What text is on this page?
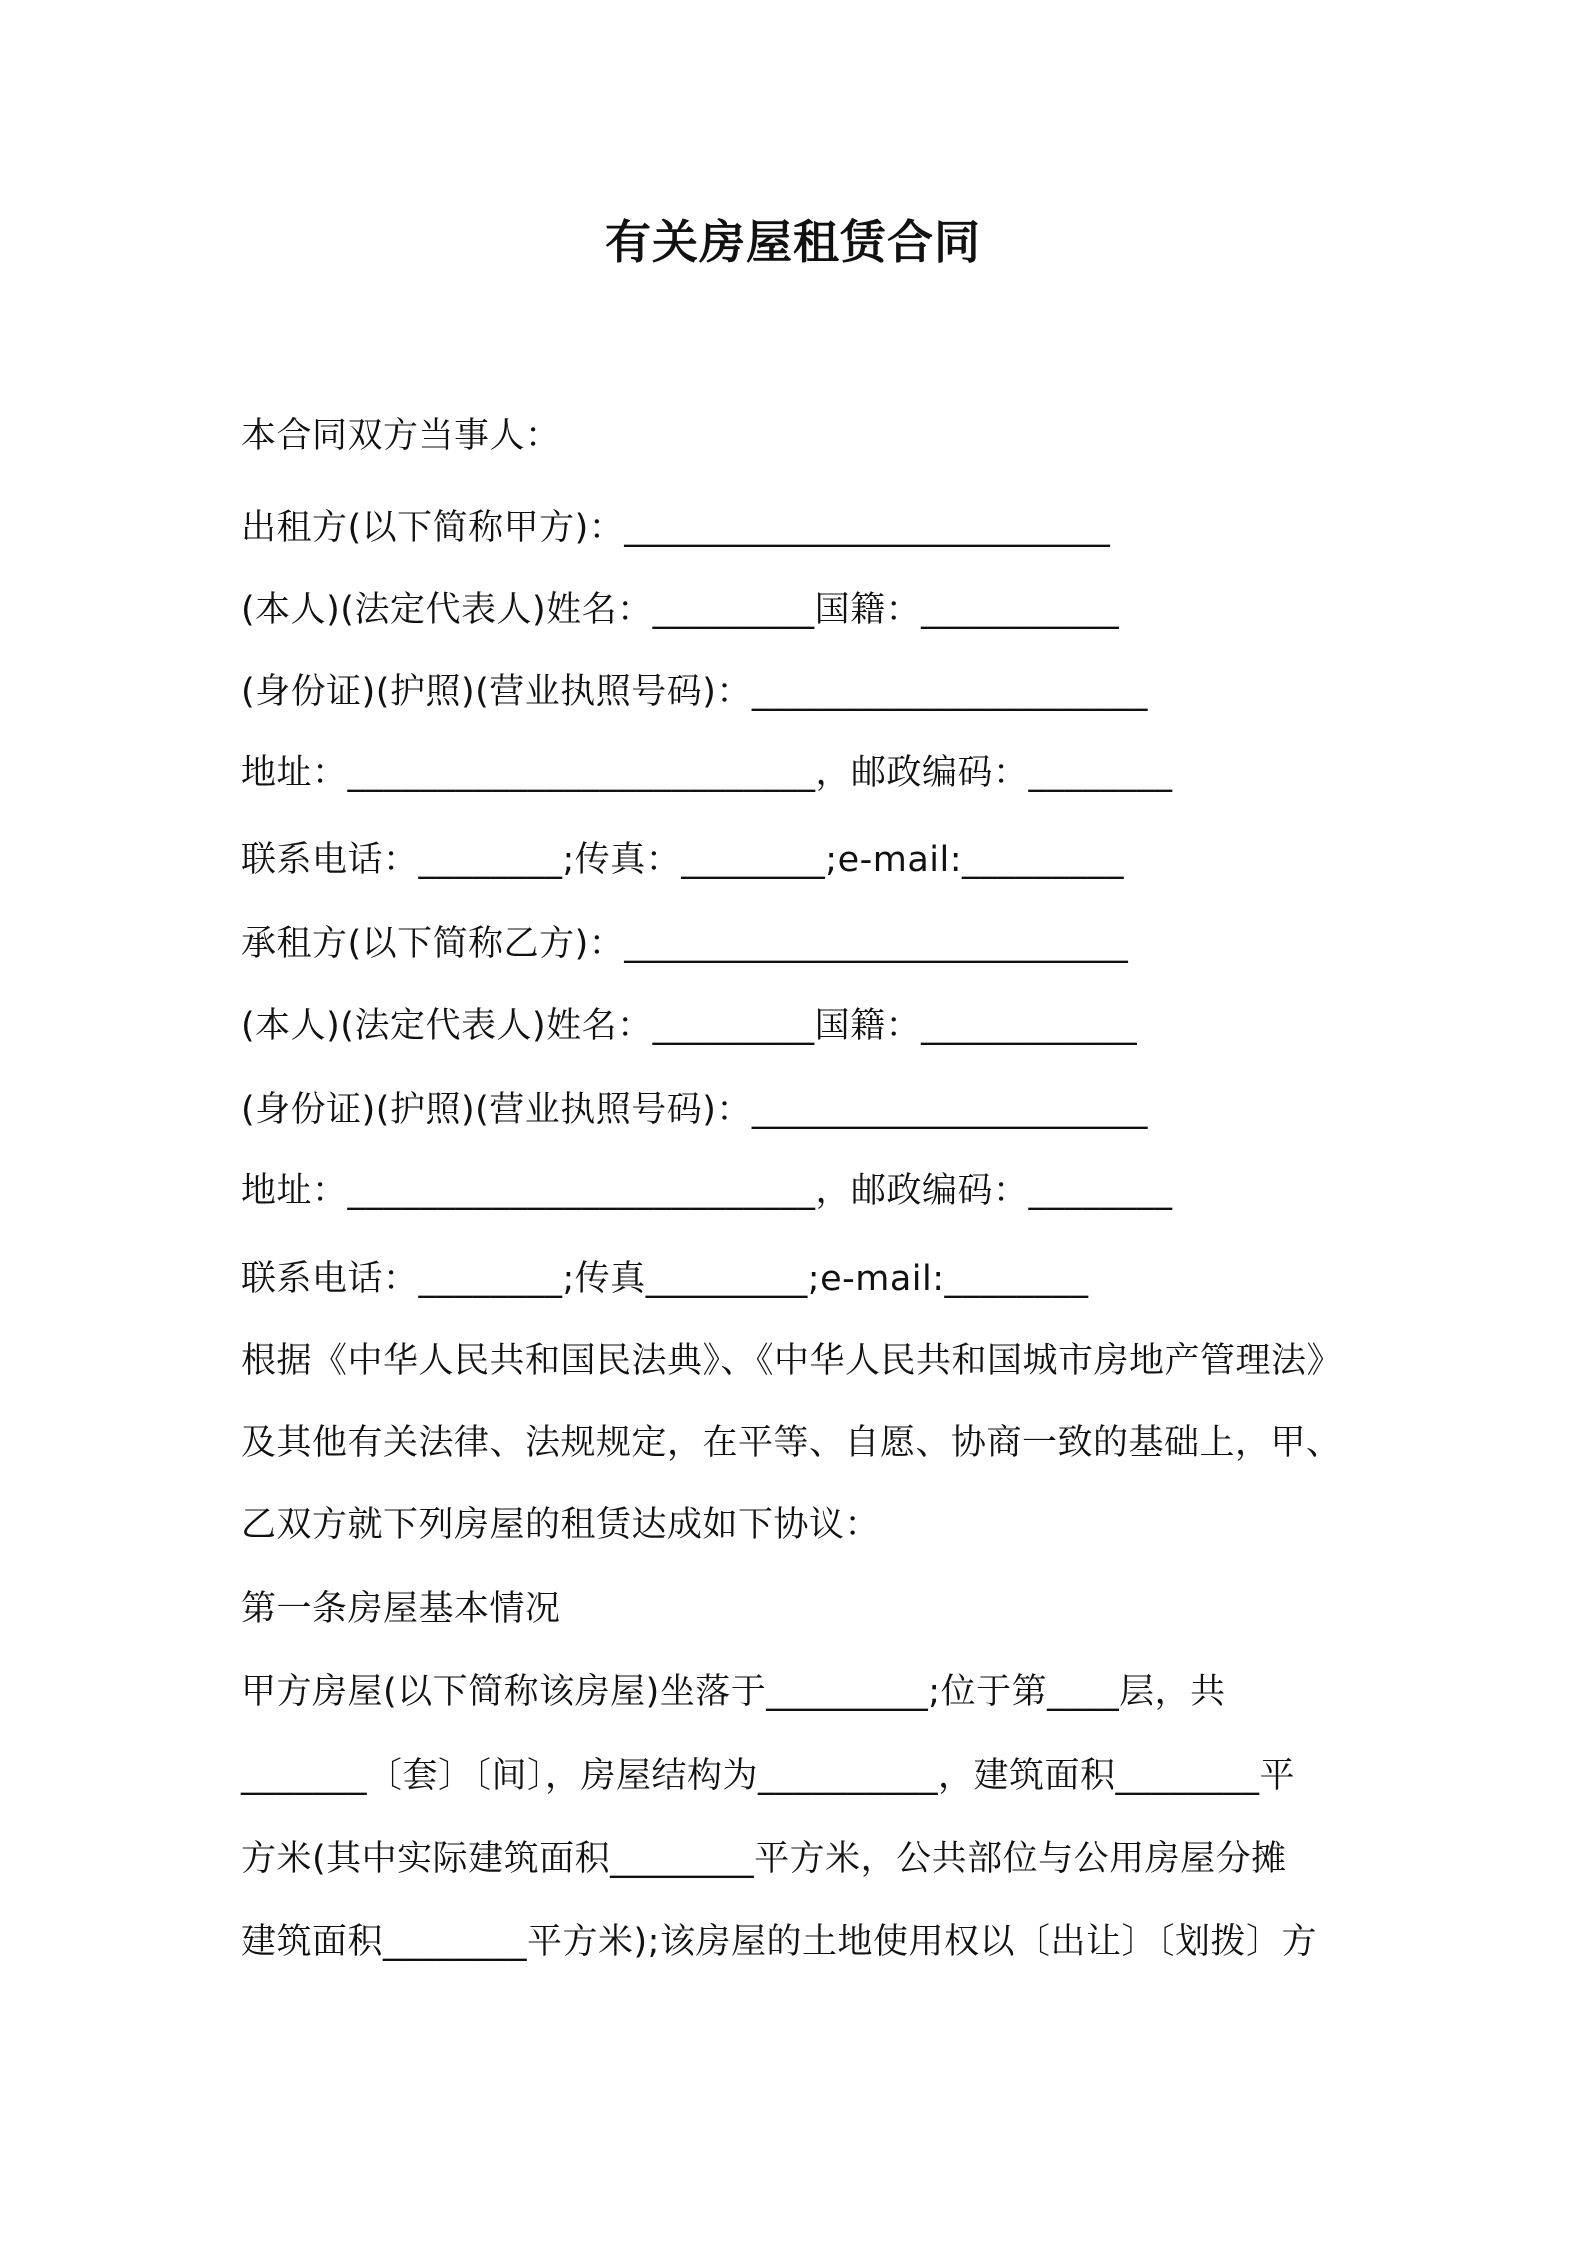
有关房屋租赁合同
本合同双方当事人：
出租方(以下简称甲方)：___________________________
(本人)(法定代表人)姓名：_________国籍：___________
(身份证)(护照)(营业执照号码)：______________________
地址：__________________________，邮政编码：________
联系电话：________;传真：________;e-mail:_________
承租方(以下简称乙方)：____________________________
(本人)(法定代表人)姓名：_________国籍：____________
(身份证)(护照)(营业执照号码)：______________________
地址：__________________________，邮政编码：________
联系电话：________;传真_________;e-mail:________
根据《中华人民共和国民法典》、《中华人民共和国城市房地产管理法》
及其他有关法律、法规规定，在平等、自愿、协商一致的基础上，甲、
乙双方就下列房屋的租赁达成如下协议：
第一条房屋基本情况
甲方房屋(以下简称该房屋)坐落于_________;位于第____层，共
_______〔套〕〔间〕，房屋结构为__________，建筑面积________平
方米(其中实际建筑面积________平方米，公共部位与公用房屋分摊
建筑面积________平方米);该房屋的土地使用权以〔出让〕〔划拨〕方
